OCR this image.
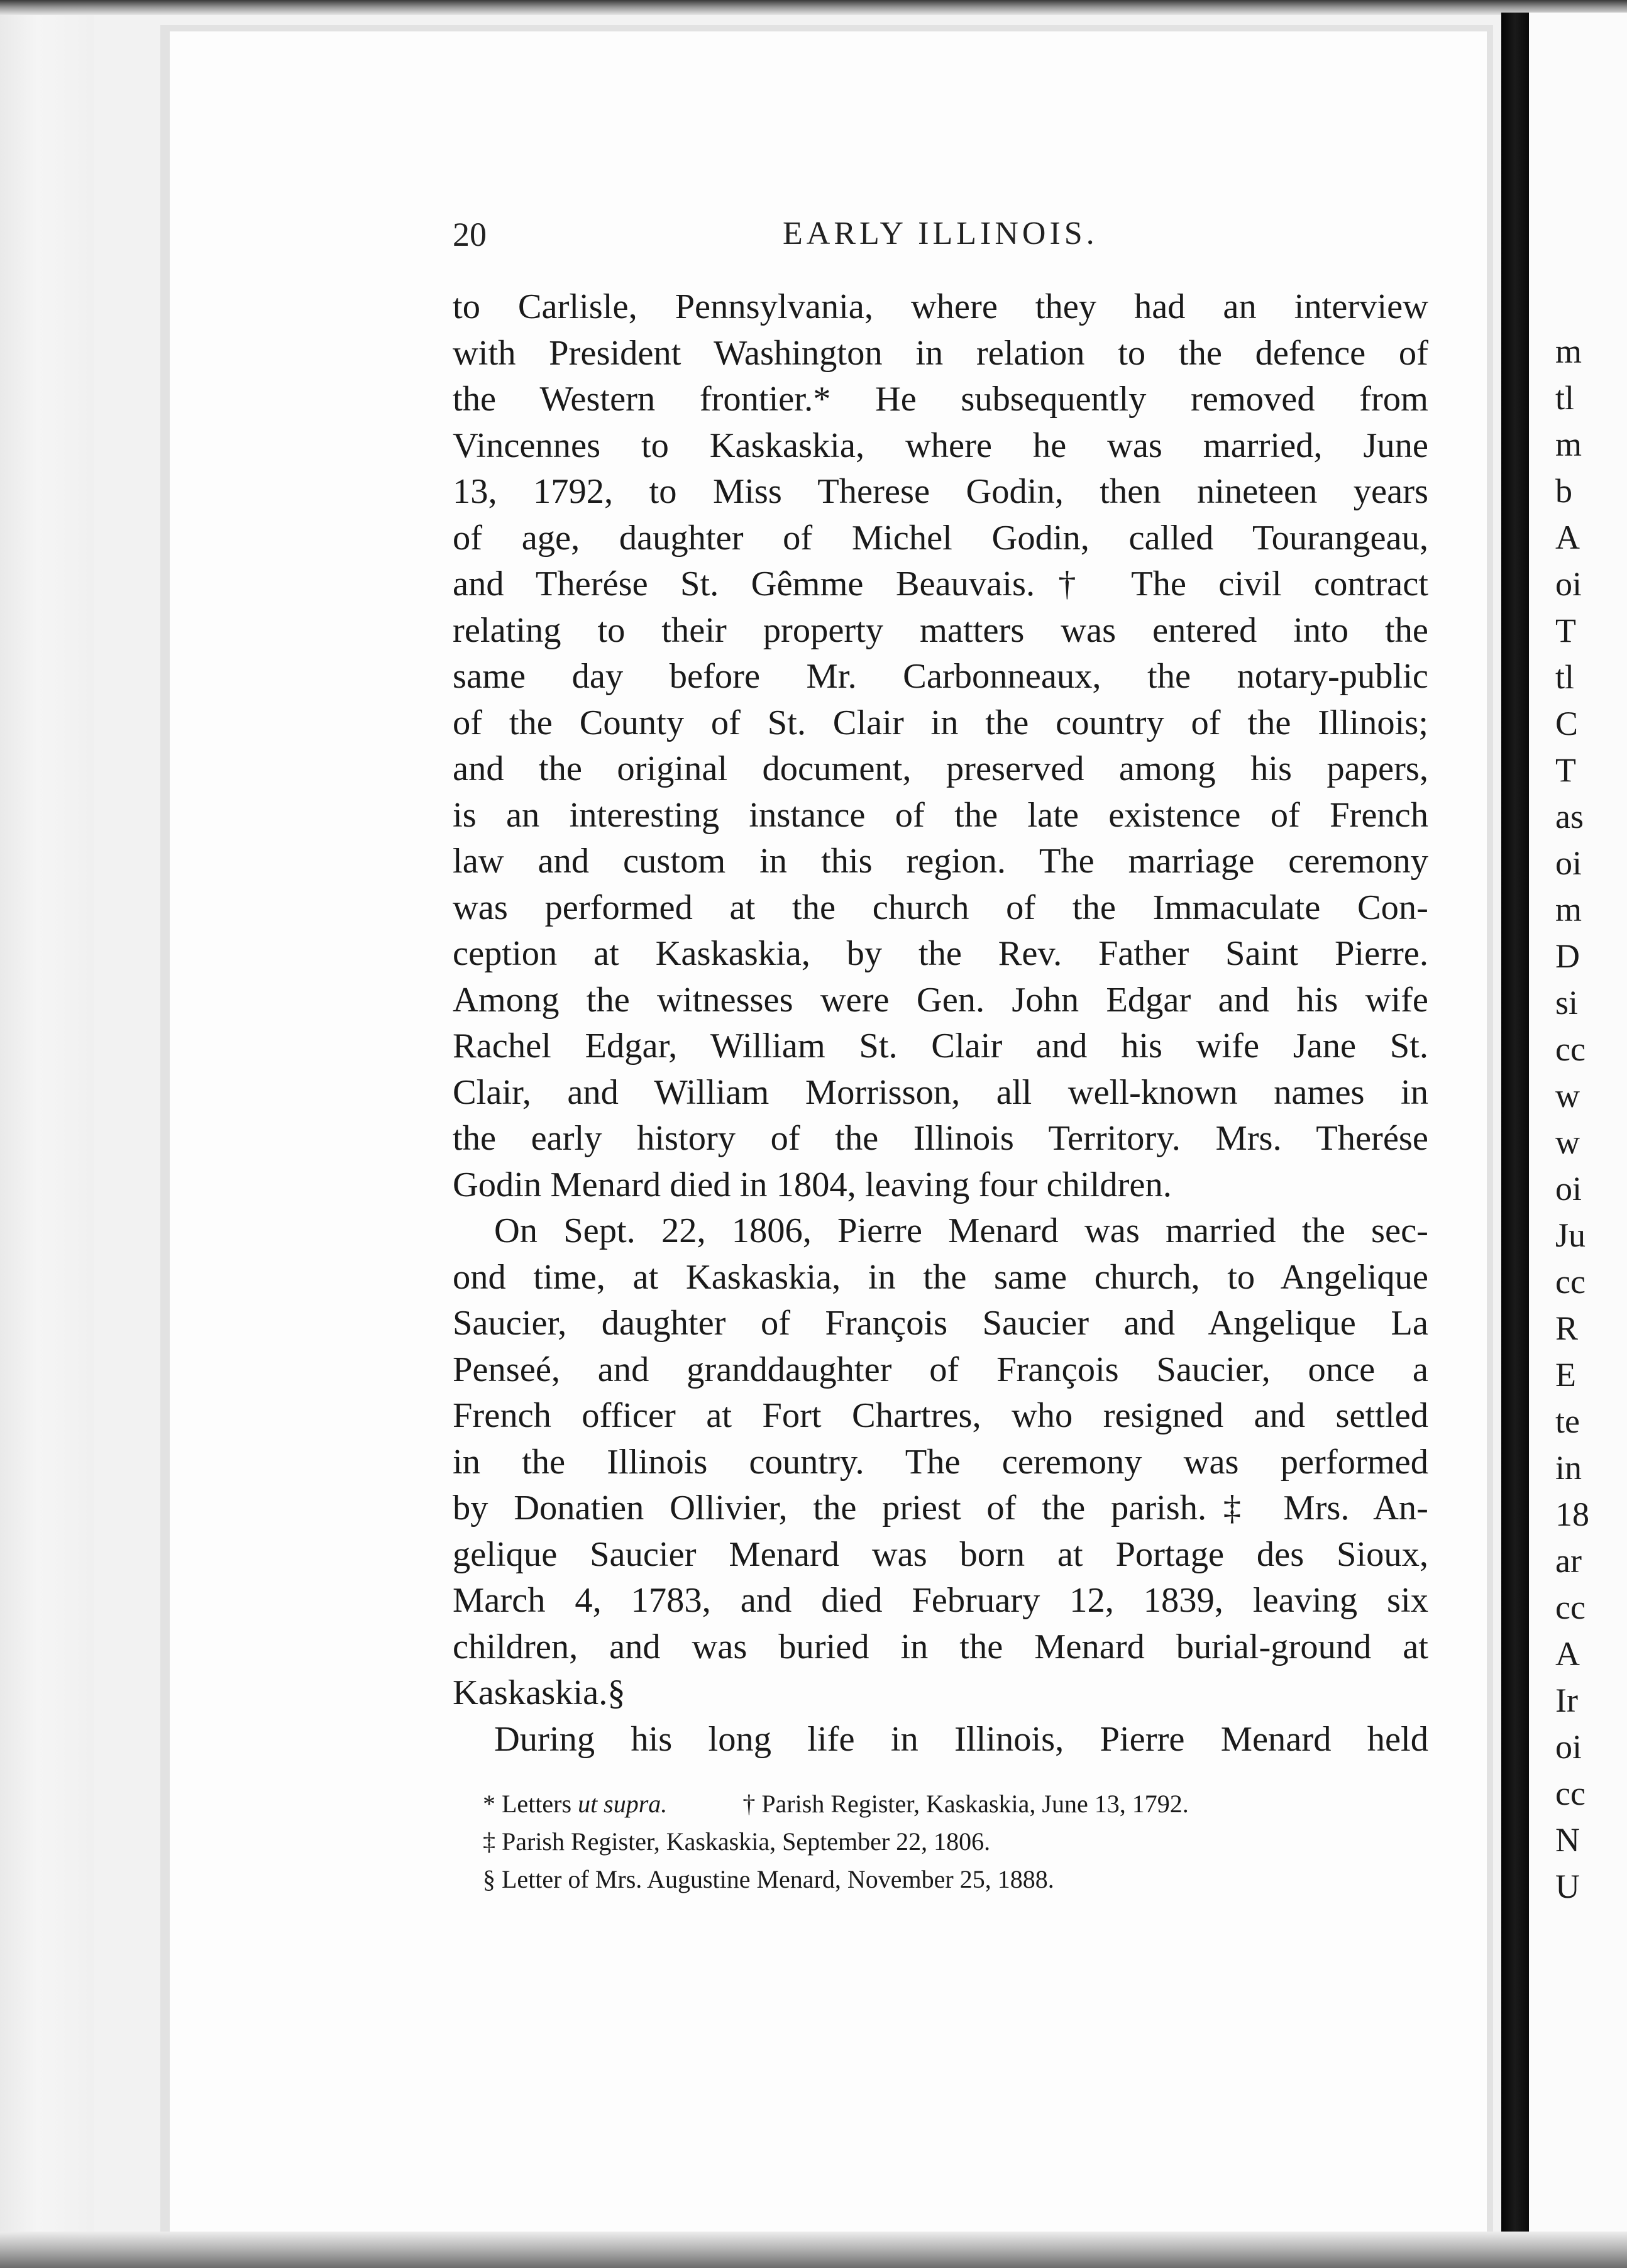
20	EARLY ILLINOIS.
to Carlisle, Pennsylvania, where they had an interview
with President Washington in relation to the defence of
the Western frontier.* He subsequently removed from
Vincennes to Kaskaskia, where he was married, June
13, 1792, to Miss Therese Godin, then nineteen years
of age, daughter of Michel Godin, called Tourangeau,
and Therése St. Gêmme Beauvais.† The civil contract
relating to their property matters was entered into the
same day before Mr. Carbonneaux, the notary-public
of the County of St. Clair in the country of the Illinois;
and the original document, preserved among his papers,
is an interesting instance of the late existence of French
law and custom in this region. The marriage ceremony
was performed at the church of the Immaculate Con-
ception at Kaskaskia, by the Rev. Father Saint Pierre.
Among the witnesses were Gen. John Edgar and his wife
Rachel Edgar, William St. Clair and his wife Jane St.
Clair, and William Morrisson, all well-known names in
the early history of the Illinois Territory. Mrs. Therése
Godin Menard died in 1804, leaving four children.
On Sept. 22, 1806, Pierre Menard was married the sec-
ond time, at Kaskaskia, in the same church, to Angelique
Saucier, daughter of François Saucier and Angelique La
Penseé, and granddaughter of François Saucier, once a
French officer at Fort Chartres, who resigned and settled
in the Illinois country. The ceremony was performed
by Donatien Ollivier, the priest of the parish.‡ Mrs. An-
gelique Saucier Menard was born at Portage des Sioux,
March 4, 1783, and died February 12, 1839, leaving six
children, and was buried in the Menard burial-ground at
Kaskaskia.§
During his long life in Illinois, Pierre Menard held
* Letters ut supra.	† Parish Register, Kaskaskia, June 13, 1792.
‡ Parish Register, Kaskaskia, September 22, 1806.
§ Letter of Mrs. Augustine Menard, November 25, 1888.
m
tl
m
b
A
oi
T
tl
C
T
as
oi
m
D
si
cc
w
w
oi
Ju
cc
R
E
te
in
18
ar
cc
A
Ir
oi
cc
N
U
